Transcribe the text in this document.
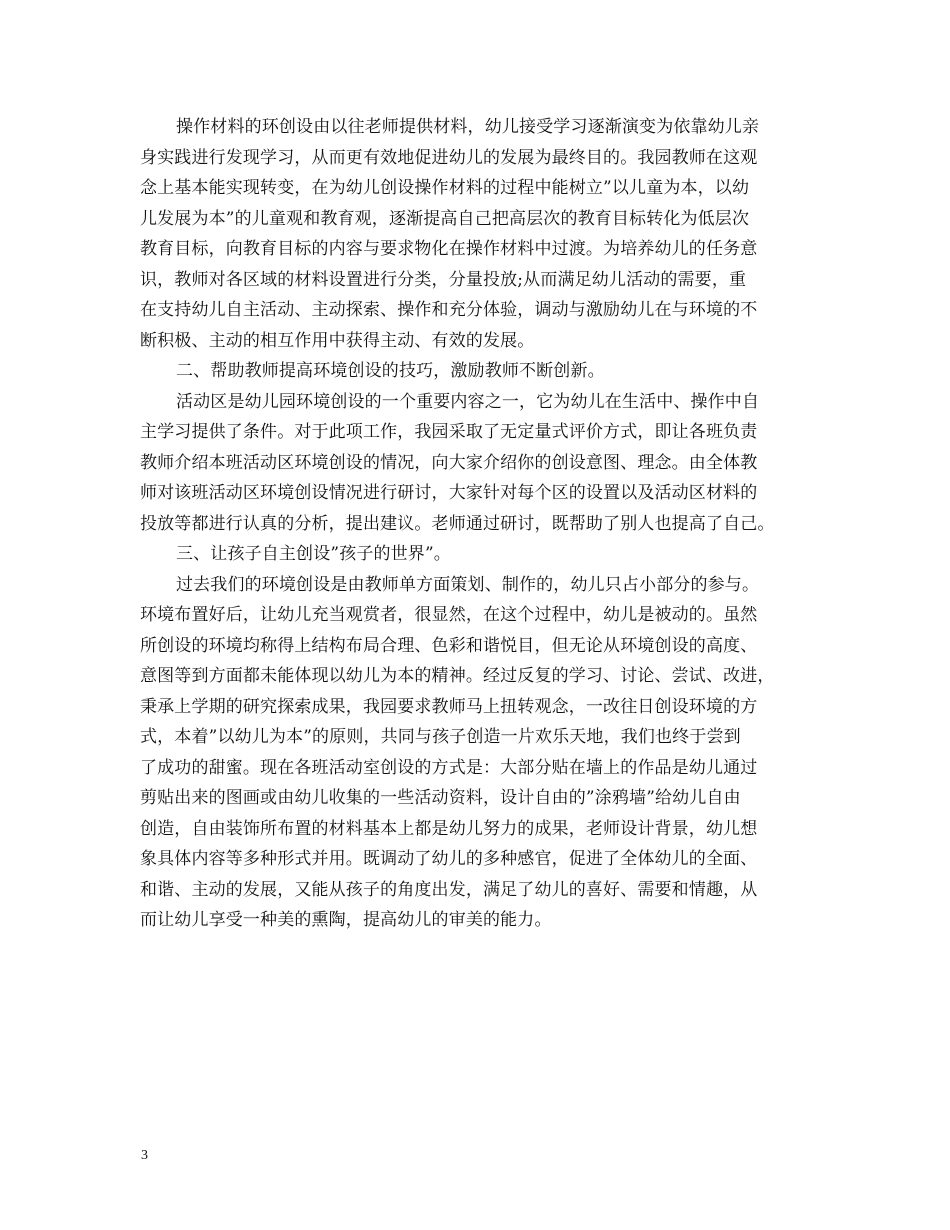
操作材料的环创设由以往老师提供材料，幼儿接受学习逐渐演变为依靠幼儿亲
身实践进行发现学习，从而更有效地促进幼儿的发展为最终目的。我园教师在这观
念上基本能实现转变，在为幼儿创设操作材料的过程中能树立”以儿童为本，以幼
儿发展为本”的儿童观和教育观，逐渐提高自己把高层次的教育目标转化为低层次
教育目标，向教育目标的内容与要求物化在操作材料中过渡。为培养幼儿的任务意
识，教师对各区域的材料设置进行分类，分量投放;从而满足幼儿活动的需要，重
在支持幼儿自主活动、主动探索、操作和充分体验，调动与激励幼儿在与环境的不
断积极、主动的相互作用中获得主动、有效的发展。
二、帮助教师提高环境创设的技巧，激励教师不断创新。
活动区是幼儿园环境创设的一个重要内容之一，它为幼儿在生活中、操作中自
主学习提供了条件。对于此项工作，我园采取了无定量式评价方式，即让各班负责
教师介绍本班活动区环境创设的情况，向大家介绍你的创设意图、理念。由全体教
师对该班活动区环境创设情况进行研讨，大家针对每个区的设置以及活动区材料的
投放等都进行认真的分析，提出建议。老师通过研讨，既帮助了别人也提高了自己。
三、让孩子自主创设”孩子的世界”。
过去我们的环境创设是由教师单方面策划、制作的，幼儿只占小部分的参与。
环境布置好后，让幼儿充当观赏者，很显然，在这个过程中，幼儿是被动的。虽然
所创设的环境均称得上结构布局合理、色彩和谐悦目，但无论从环境创设的高度、
意图等到方面都未能体现以幼儿为本的精神。经过反复的学习、讨论、尝试、改进，
秉承上学期的研究探索成果，我园要求教师马上扭转观念，一改往日创设环境的方
式，本着”以幼儿为本”的原则，共同与孩子创造一片欢乐天地，我们也终于尝到
了成功的甜蜜。现在各班活动室创设的方式是：大部分贴在墙上的作品是幼儿通过
剪贴出来的图画或由幼儿收集的一些活动资料，设计自由的”涂鸦墙”给幼儿自由
创造，自由装饰所布置的材料基本上都是幼儿努力的成果，老师设计背景，幼儿想
象具体内容等多种形式并用。既调动了幼儿的多种感官，促进了全体幼儿的全面、
和谐、主动的发展，又能从孩子的角度出发，满足了幼儿的喜好、需要和情趣，从
而让幼儿享受一种美的熏陶，提高幼儿的审美的能力。
3
